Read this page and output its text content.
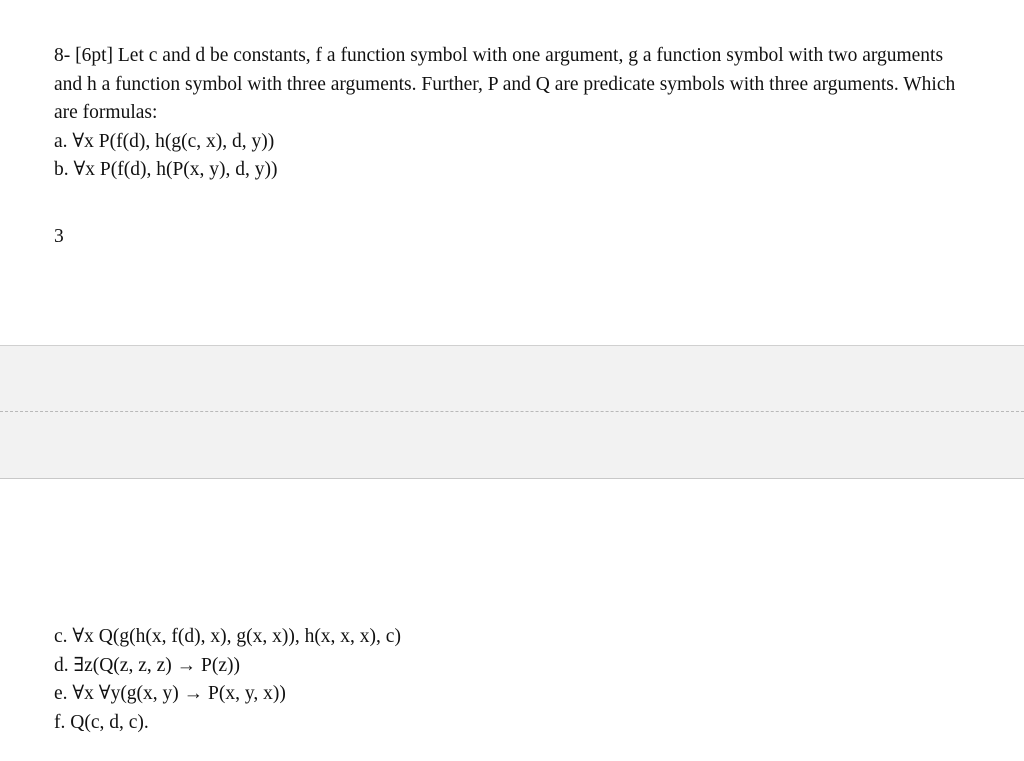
8- [6pt] Let c and d be constants, f a function symbol with one argument, g a function symbol with two arguments and h a function symbol with three arguments. Further, P and Q are predicate symbols with three arguments. Which are formulas:

a. ∀x P(f(d), h(g(c, x), d, y))
b. ∀x P(f(d), h(P(x, y), d, y))
3
c. ∀x Q(g(h(x, f(d), x), g(x, x)), h(x, x, x), c)
d. ∃z(Q(z, z, z) → P(z))
e. ∀x ∀y(g(x, y) → P(x, y, x))
f. Q(c, d, c).
